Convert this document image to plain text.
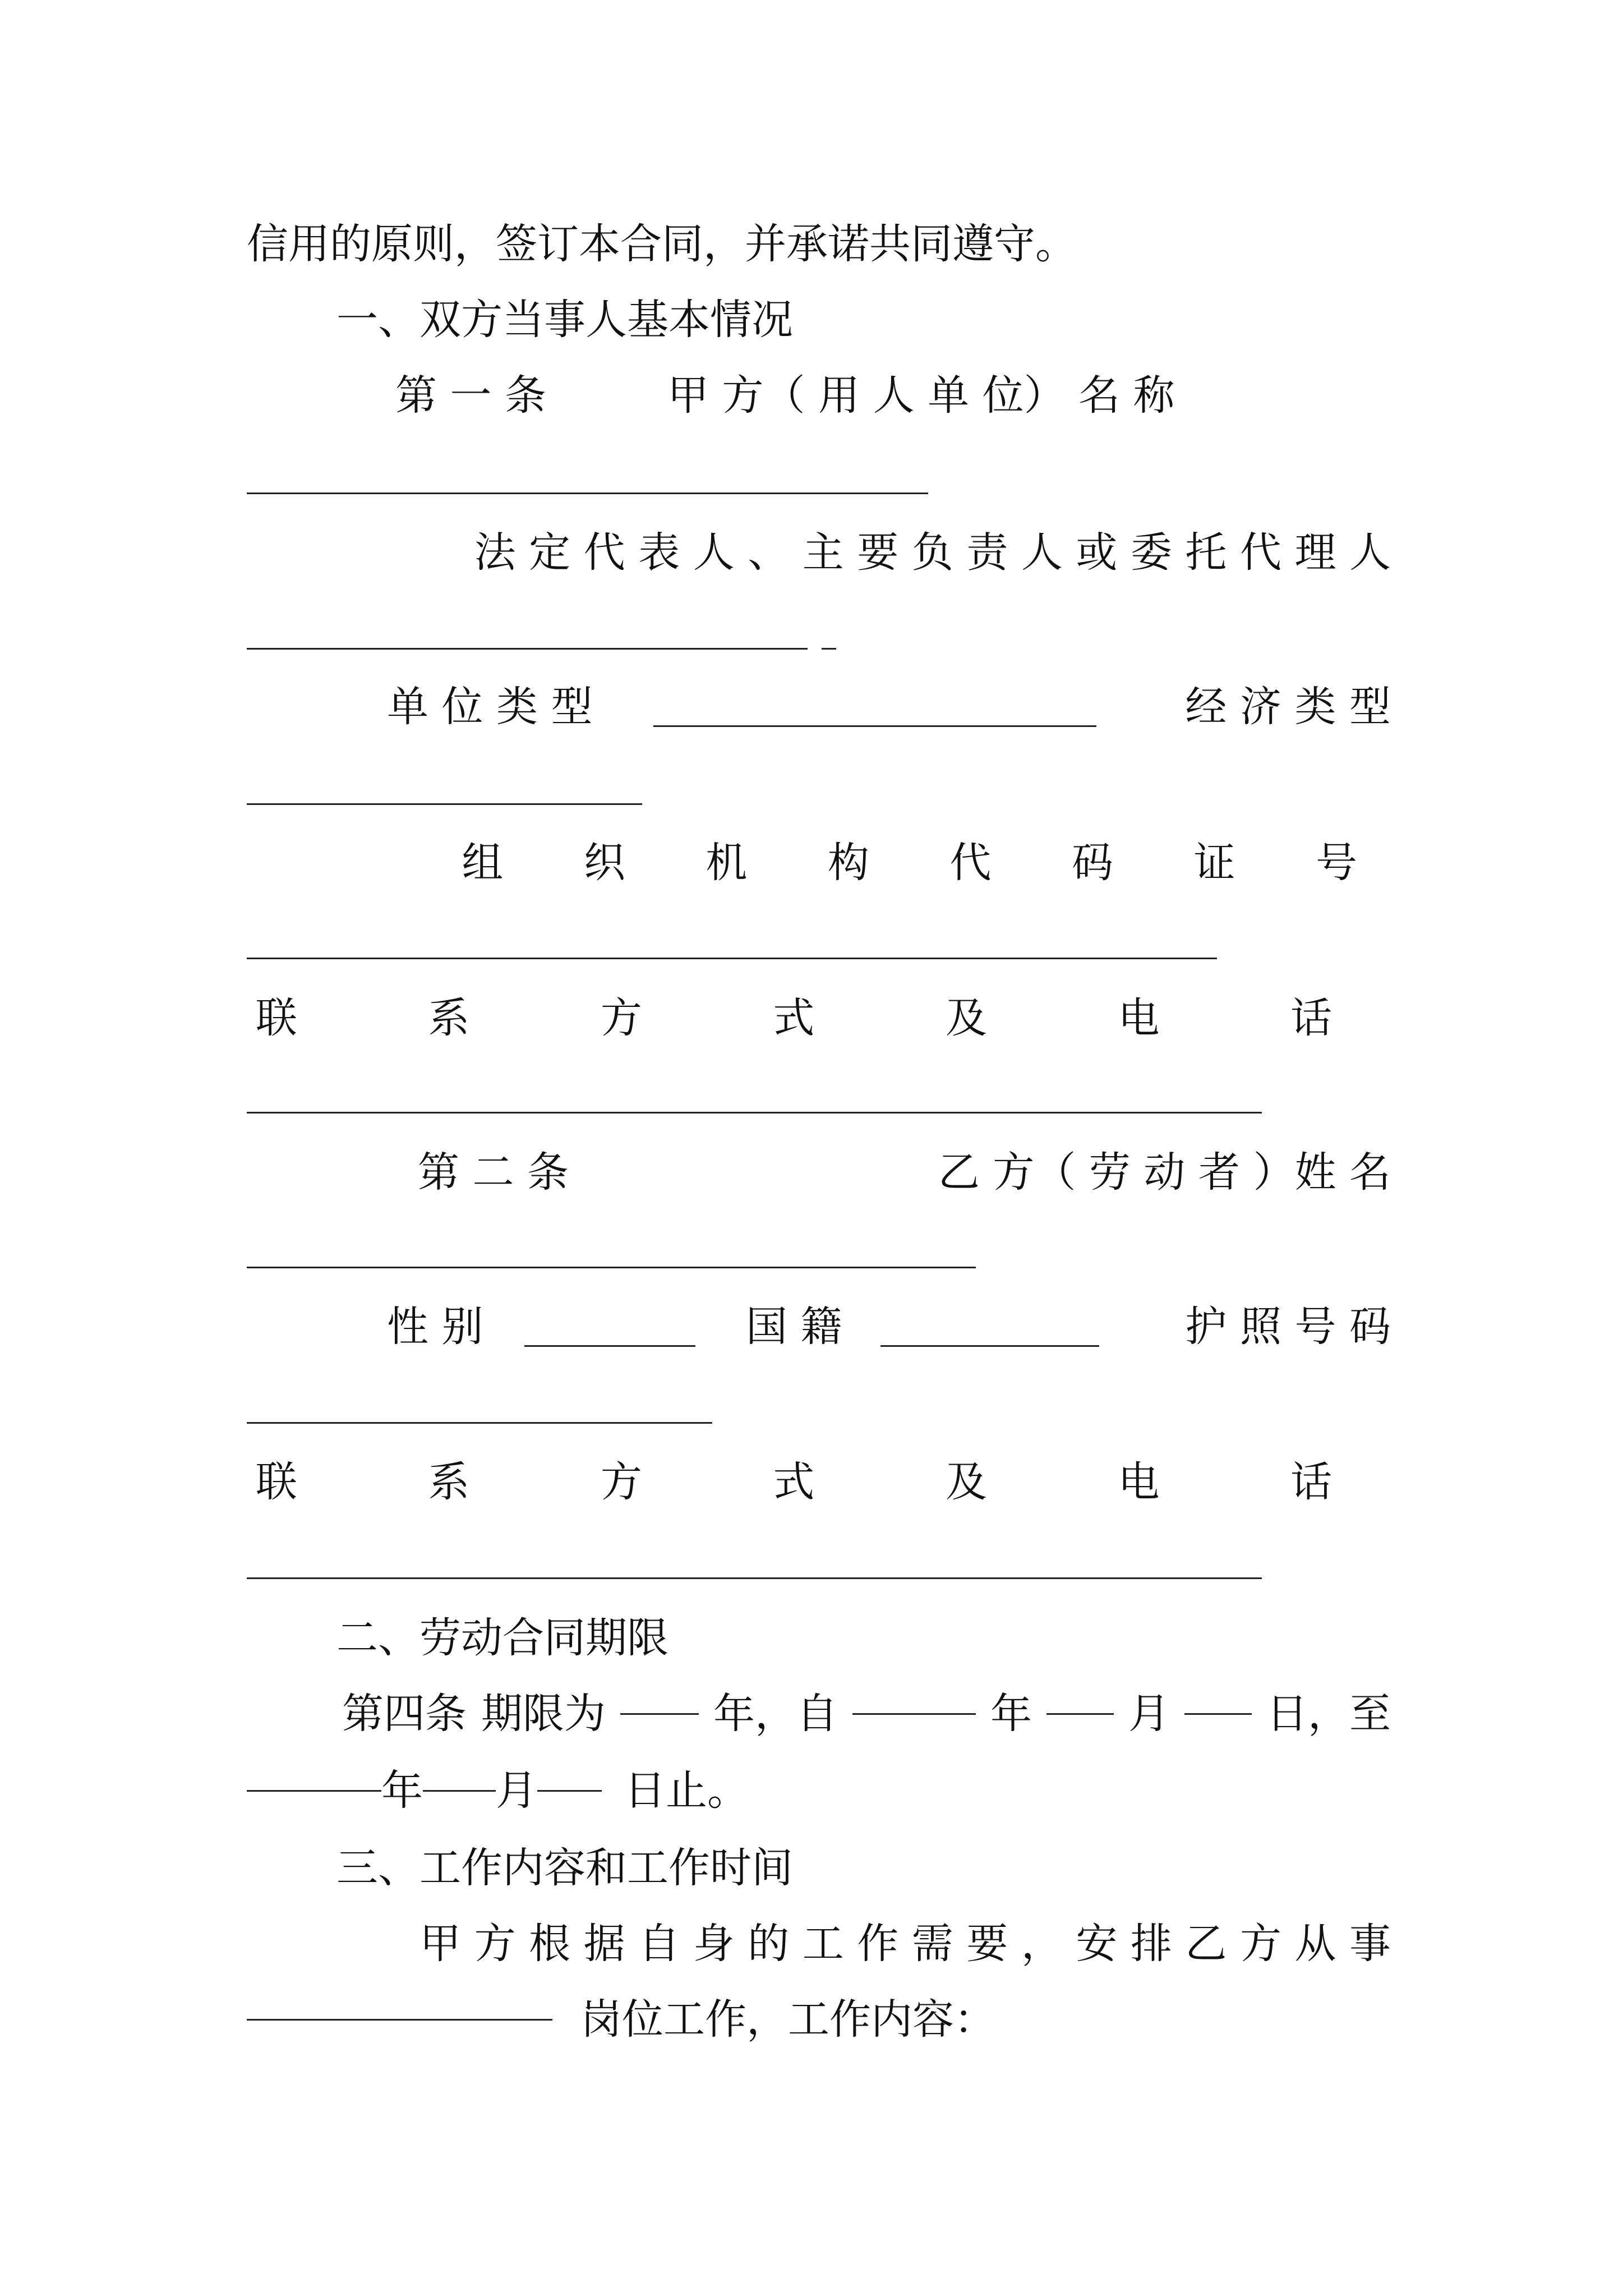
信用的原则，签订本合同，并承诺共同遵守。
一、双方当事人基本情况
第 一 条	甲 方（ 用 人 单 位） 名 称
法 定 代 表 人 、 主 要 负 责 人 或 委 托 代 理 人
单 位 类 型	经 济 类 型
组 织 机 构 代 码 证 号
联 系 方 式 及 电 话
第 二 条	乙 方（ 劳 动 者 ）姓 名
性 别	国 籍	护 照 号 码
联 系 方 式 及 电 话
二、劳动合同期限
第四条 期限为	年，自	年 月 日，至
年 月 日止。
三、工作内容和工作时间
甲 方 根 据 自 身 的 工 作 需 要 ， 安 排 乙 方 从 事
岗位工作，工作内容：
